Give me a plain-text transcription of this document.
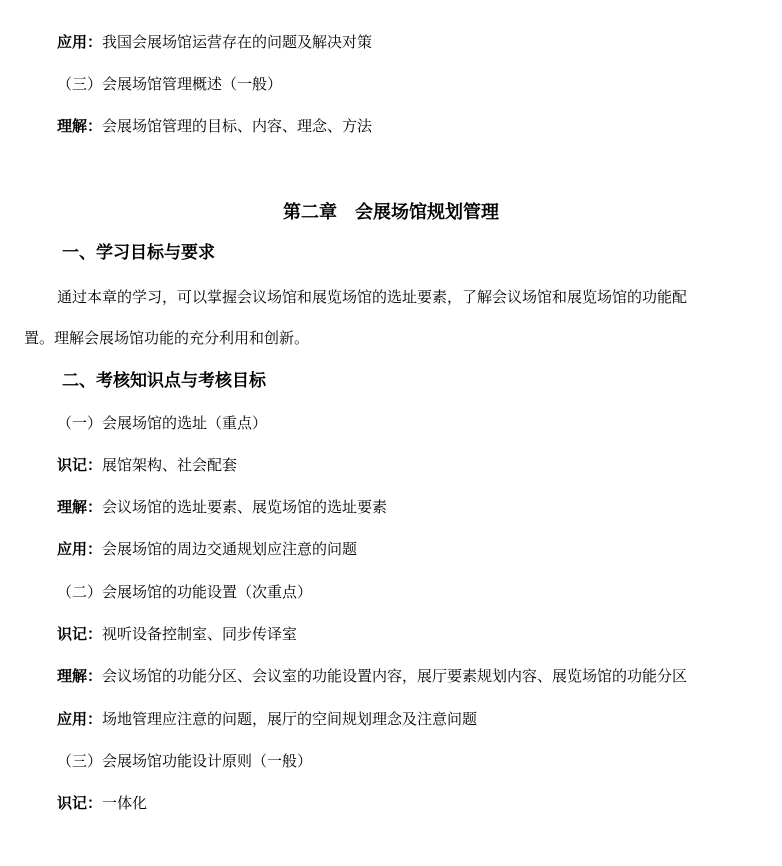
应用：我国会展场馆运营存在的问题及解决对策
（三）会展场馆管理概述（一般）
理解：会展场馆管理的目标、内容、理念、方法
第二章　会展场馆规划管理
一、学习目标与要求
通过本章的学习，可以掌握会议场馆和展览场馆的选址要素，了解会议场馆和展览场馆的功能配
置。理解会展场馆功能的充分利用和创新。
二、考核知识点与考核目标
（一）会展场馆的选址（重点）
识记：展馆架构、社会配套
理解：会议场馆的选址要素、展览场馆的选址要素
应用：会展场馆的周边交通规划应注意的问题
（二）会展场馆的功能设置（次重点）
识记：视听设备控制室、同步传译室
理解：会议场馆的功能分区、会议室的功能设置内容，展厅要素规划内容、展览场馆的功能分区
应用：场地管理应注意的问题，展厅的空间规划理念及注意问题
（三）会展场馆功能设计原则（一般）
识记：一体化
